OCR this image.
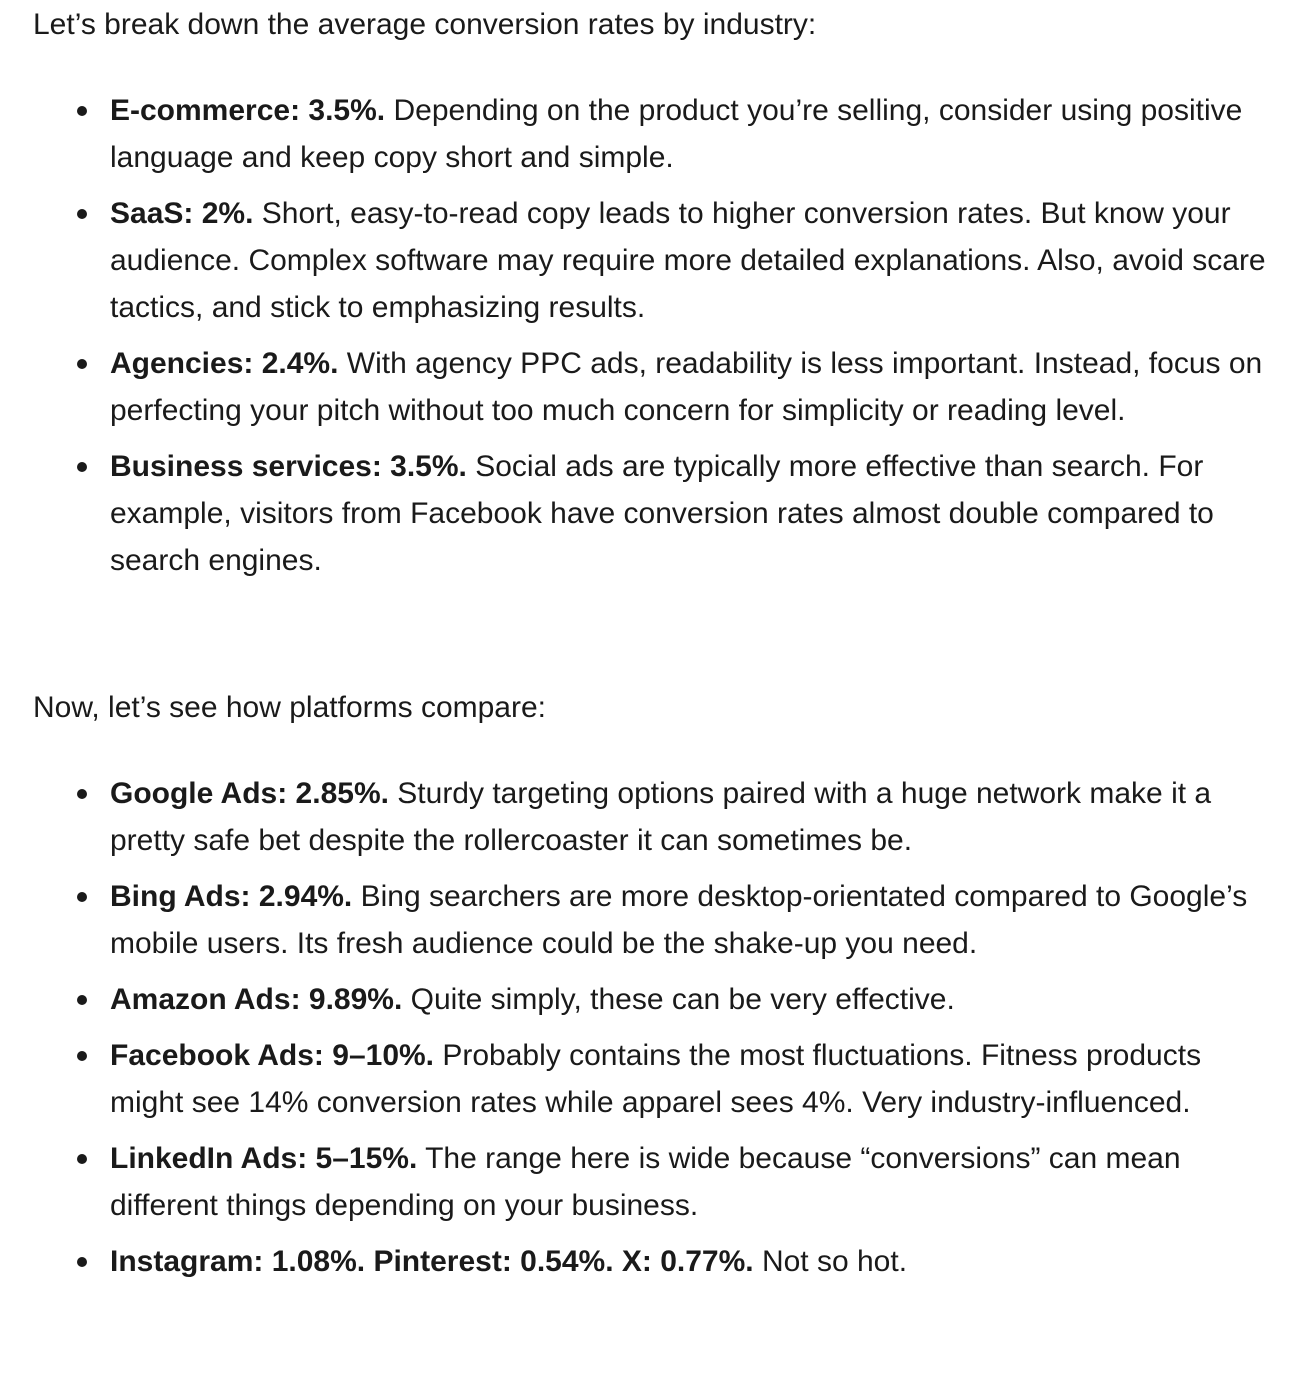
Let’s break down the average conversion rates by industry:

E-commerce: 3.5%. Depending on the product you’re selling, consider using positive language and keep copy short and simple.
SaaS: 2%. Short, easy-to-read copy leads to higher conversion rates. But know your audience. Complex software may require more detailed explanations. Also, avoid scare tactics, and stick to emphasizing results.
Agencies: 2.4%. With agency PPC ads, readability is less important. Instead, focus on perfecting your pitch without too much concern for simplicity or reading level.
Business services: 3.5%. Social ads are typically more effective than search. For example, visitors from Facebook have conversion rates almost double compared to search engines.

Now, let’s see how platforms compare:

Google Ads: 2.85%. Sturdy targeting options paired with a huge network make it a pretty safe bet despite the rollercoaster it can sometimes be.
Bing Ads: 2.94%. Bing searchers are more desktop-orientated compared to Google’s mobile users. Its fresh audience could be the shake-up you need.
Amazon Ads: 9.89%. Quite simply, these can be very effective.
Facebook Ads: 9–10%. Probably contains the most fluctuations. Fitness products might see 14% conversion rates while apparel sees 4%. Very industry-influenced.
LinkedIn Ads: 5–15%. The range here is wide because “conversions” can mean different things depending on your business.
Instagram: 1.08%. Pinterest: 0.54%. X: 0.77%. Not so hot.
